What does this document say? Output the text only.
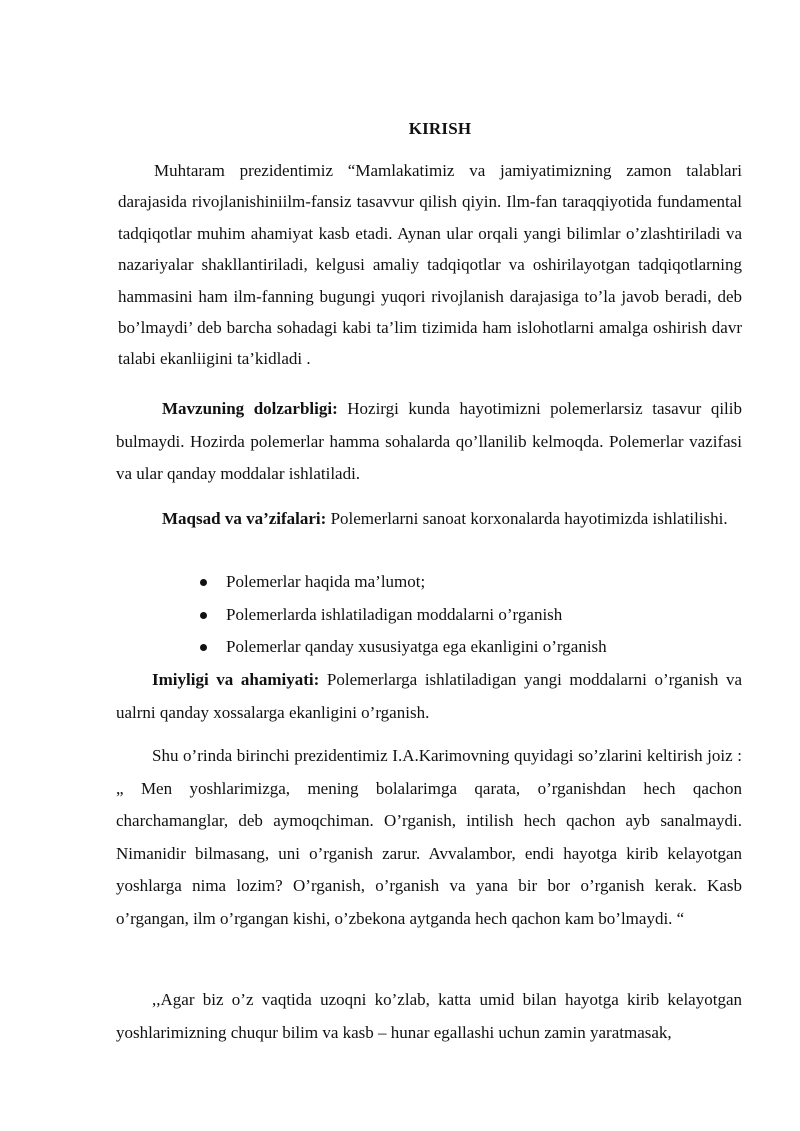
KIRISH

Muhtaram prezidentimiz “Mamlakatimiz va jamiyatimizning zamon talablari darajasida rivojlanishiniilm-fansiz tasavvur qilish qiyin. Ilm-fan taraqqiyotida fundamental tadqiqotlar muhim ahamiyat kasb etadi. Aynan ular orqali yangi bilimlar o’zlashtiriladi va nazariyalar shakllantiriladi, kelgusi amaliy tadqiqotlar va oshirilayotgan tadqiqotlarning hammasini ham ilm-fanning bugungi yuqori rivojlanish darajasiga to’la javob beradi, deb bo’lmaydi’ deb barcha sohadagi kabi ta’lim tizimida ham islohotlarni amalga oshirish davr talabi ekanliigini ta’kidladi .

Mavzuning dolzarbligi: Hozirgi kunda hayotimizni polemerlarsiz tasavur qilib bulmaydi. Hozirda polemerlar hamma sohalarda qo’llanilib kelmoqda. Polemerlar vazifasi va ular qanday moddalar ishlatiladi.

Maqsad va va’zifalari: Polemerlarni sanoat korxonalarda hayotimizda ishlatilishi.

Polemerlar haqida ma’lumot;
Polemerlarda ishlatiladigan moddalarni o’rganish
Polemerlar qanday xususiyatga ega ekanligini o’rganish

Imiyligi va ahamiyati: Polemerlarga ishlatiladigan yangi moddalarni o’rganish va ualrni qanday xossalarga ekanligini o’rganish.

Shu o’rinda birinchi prezidentimiz I.A.Karimovning quyidagi so’zlarini keltirish joiz : „ Men yoshlarimizga, mening bolalarimga qarata, o’rganishdan hech qachon charchamanglar, deb aymoqchiman. O’rganish, intilish hech qachon ayb sanalmaydi. Nimanidir bilmasang, uni o’rganish zarur. Avvalambor, endi hayotga kirib kelayotgan yoshlarga nima lozim? O’rganish, o’rganish va yana bir bor o’rganish kerak. Kasb o’rgangan, ilm o’rgangan kishi, o’zbekona aytganda hech qachon kam bo’lmaydi. “

,,Agar biz o’z vaqtida uzoqni ko’zlab, katta umid bilan hayotga kirib kelayotgan yoshlarimizning chuqur bilim va kasb – hunar egallashi uchun zamin yaratmasak,
